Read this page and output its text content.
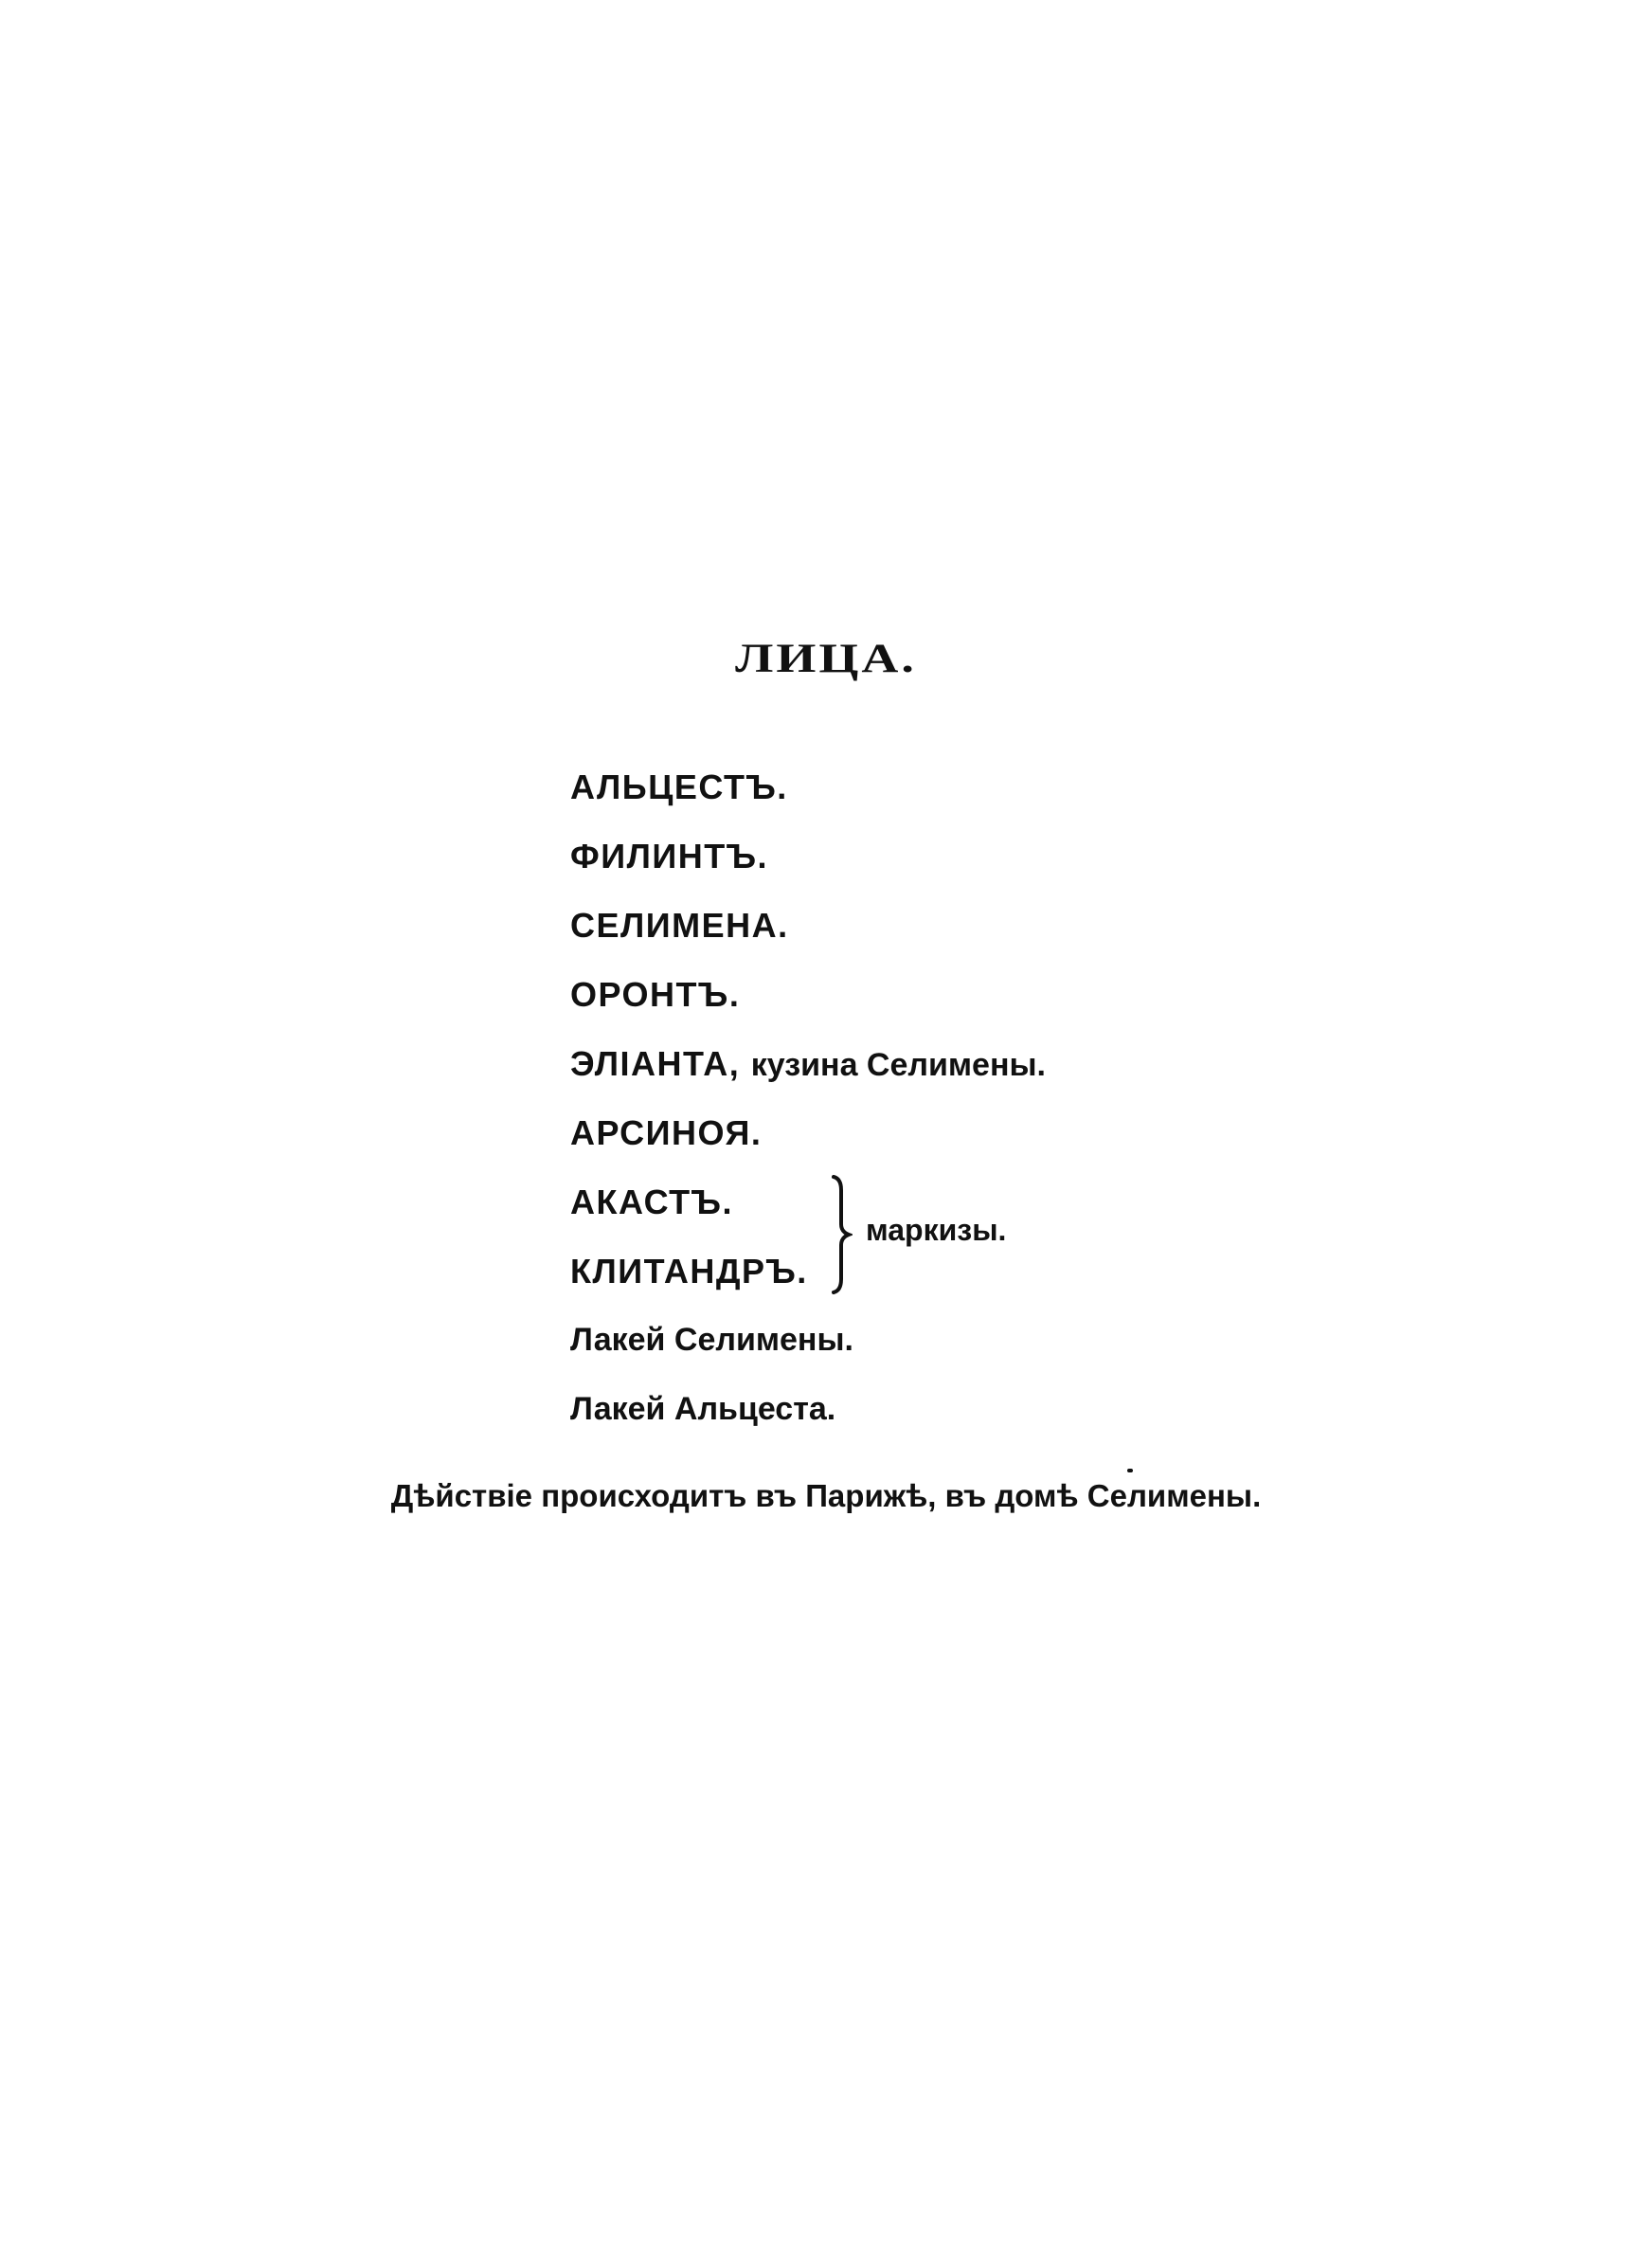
ЛИЦА.
АЛЬЦЕСТЪ.
ФИЛИНТЪ.
СЕЛИМЕНА.
ОРОНТЪ.
ЭЛІАНТА, кузина Селимены.
АРСИНОЯ.
АКАСТЪ.
КЛИТАНДРЪ.
маркизы.
Лакей Селимены.
Лакей Альцеста.
Дѣйствіе происходитъ въ Парижѣ, въ домѣ Селимены.
